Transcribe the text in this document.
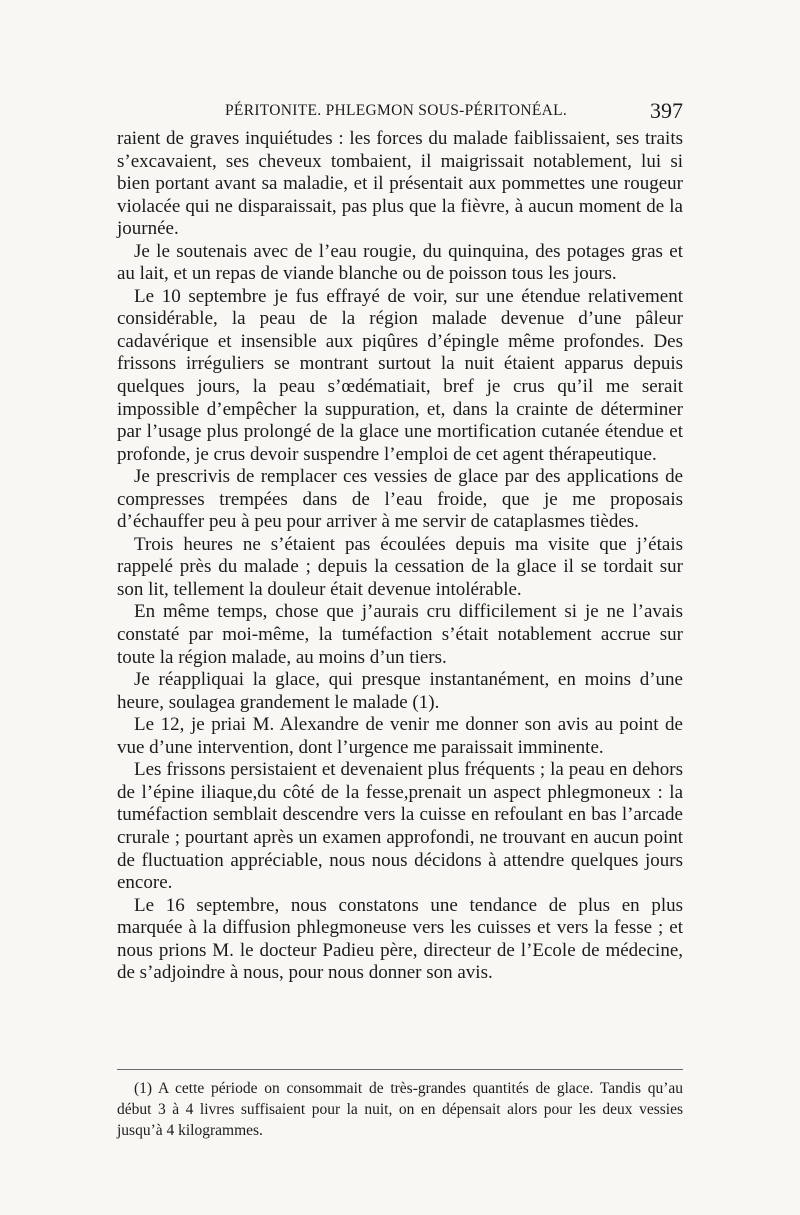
PÉRITONITE. PHLEGMON SOUS-PÉRITONÉAL.	397

raient de graves inquiétudes : les forces du malade faiblissaient, ses traits s’excavaient, ses cheveux tombaient, il maigrissait notablement, lui si bien portant avant sa maladie, et il présentait aux pommettes une rougeur violacée qui ne disparaissait, pas plus que la fièvre, à aucun moment de la journée.

Je le soutenais avec de l’eau rougie, du quinquina, des potages gras et au lait, et un repas de viande blanche ou de poisson tous les jours.

Le 10 septembre je fus effrayé de voir, sur une étendue relativement considérable, la peau de la région malade devenue d’une pâleur cadavérique et insensible aux piqûres d’épingle même profondes. Des frissons irréguliers se montrant surtout la nuit étaient apparus depuis quelques jours, la peau s’œdématiait, bref je crus qu’il me serait impossible d’empêcher la suppuration, et, dans la crainte de déterminer par l’usage plus prolongé de la glace une mortification cutanée étendue et profonde, je crus devoir suspendre l’emploi de cet agent thérapeutique.

Je prescrivis de remplacer ces vessies de glace par des applications de compresses trempées dans de l’eau froide, que je me proposais d’échauffer peu à peu pour arriver à me servir de cataplasmes tièdes.

Trois heures ne s’étaient pas écoulées depuis ma visite que j’étais rappelé près du malade ; depuis la cessation de la glace il se tordait sur son lit, tellement la douleur était devenue intolérable.

En même temps, chose que j’aurais cru difficilement si je ne l’avais constaté par moi-même, la tuméfaction s’était notablement accrue sur toute la région malade, au moins d’un tiers.

Je réappliquai la glace, qui presque instantanément, en moins d’une heure, soulagea grandement le malade (1).

Le 12, je priai M. Alexandre de venir me donner son avis au point de vue d’une intervention, dont l’urgence me paraissait imminente.

Les frissons persistaient et devenaient plus fréquents ; la peau en dehors de l’épine iliaque,du côté de la fesse,prenait un aspect phlegmoneux : la tuméfaction semblait descendre vers la cuisse en refoulant en bas l’arcade crurale ; pourtant après un examen approfondi, ne trouvant en aucun point de fluctuation appréciable, nous nous décidons à attendre quelques jours encore.

Le 16 septembre, nous constatons une tendance de plus en plus marquée à la diffusion phlegmoneuse vers les cuisses et vers la fesse ; et nous prions M. le docteur Padieu père, directeur de l’Ecole de médecine, de s’adjoindre à nous, pour nous donner son avis.

(1) A cette période on consommait de très-grandes quantités de glace. Tandis qu’au début 3 à 4 livres suffisaient pour la nuit, on en dépensait alors pour les deux vessies jusqu’à 4 kilogrammes.
